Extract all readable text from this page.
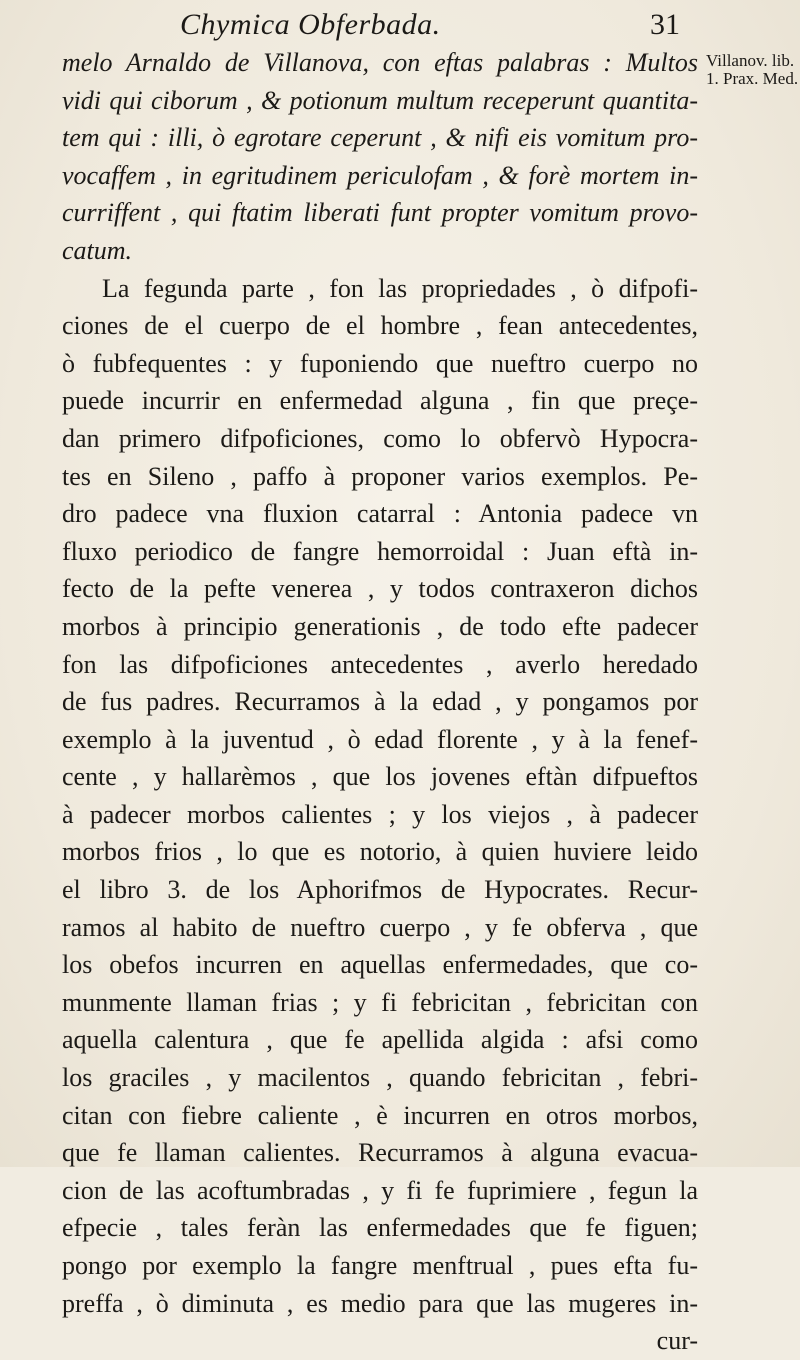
Chymica Obferbada.	31
Villanov. lib.
1. Prax. Med.
melo Arnaldo de Villanova, con eftas palabras : Multos
vidi qui ciborum , & potionum multum receperunt quantita-
tem qui : illi, ò egrotare ceperunt , & nifi eis vomitum pro-
vocaffem , in egritudinem periculofam , & forè mortem in-
curriffent , qui ftatim liberati funt propter vomitum provo-
catum.
La fegunda parte , fon las propriedades , ò difpofi-
ciones de el cuerpo de el hombre , fean antecedentes,
ò fubfequentes : y fuponiendo que nueftro cuerpo no
puede incurrir en enfermedad alguna , fin que preçe-
dan primero difpoficiones, como lo obfervò Hypocra-
tes en Sileno , paffo à proponer varios exemplos. Pe-
dro padece vna fluxion catarral : Antonia padece vn
fluxo periodico de fangre hemorroidal : Juan eftà in-
fecto de la pefte venerea , y todos contraxeron dichos
morbos à principio generationis , de todo efte padecer
fon las difpoficiones antecedentes , averlo heredado
de fus padres. Recurramos à la edad , y pongamos por
exemplo à la juventud , ò edad florente , y à la fenef-
cente , y hallarèmos , que los jovenes eftàn difpueftos
à padecer morbos calientes ; y los viejos , à padecer
morbos frios , lo que es notorio, à quien huviere leido
el libro 3. de los Aphorifmos de Hypocrates. Recur-
ramos al habito de nueftro cuerpo , y fe obferva , que
los obefos incurren en aquellas enfermedades, que co-
munmente llaman frias ; y fi febricitan , febricitan con
aquella calentura , que fe apellida algida : afsi como
los graciles , y macilentos , quando febricitan , febri-
citan con fiebre caliente , è incurren en otros morbos,
que fe llaman calientes. Recurramos à alguna evacua-
cion de las acoftumbradas , y fi fe fuprimiere , fegun la
efpecie , tales feràn las enfermedades que fe figuen;
pongo por exemplo la fangre menftrual , pues efta fu-
preffa , ò diminuta , es medio para que las mugeres in-
cur-
